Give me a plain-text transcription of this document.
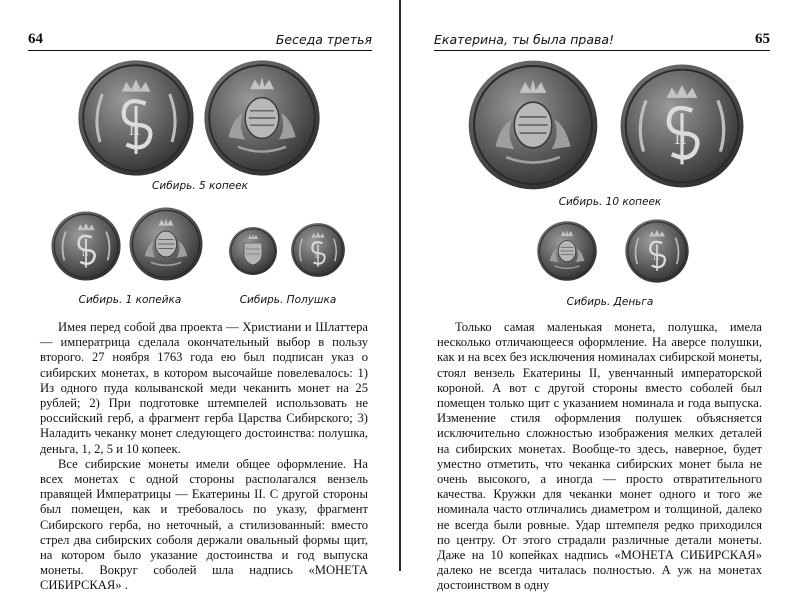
64	Беседа третья
Сибирь. 5 копеек
Сибирь. 1 копейка	Сибирь. Полушка

Имея перед собой два проекта — Христиани и Шлаттера — императрица сделала окончательный выбор в пользу второго. 27 ноября 1763 года ею был подписан указ о сибирских монетах, в котором высочайше повелевалось: 1) Из одного пуда колыванской меди чеканить монет на 25 рублей; 2) При подготовке штемпелей использовать не российский герб, а фрагмент герба Царства Сибирского; 3) Наладить чеканку монет следующего достоинства: полушка, деньга, 1, 2, 5 и 10 копеек.

Все сибирские монеты имели общее оформление. На всех монетах с одной стороны располагался вензель правящей Императрицы — Екатерины II. С другой стороны был помещен, как и требовалось по указу, фрагмент Сибирского герба, но неточный, а стилизованный: вместо стрел два сибирских соболя держали овальный формы щит, на котором было указание достоинства и год выпуска монеты. Вокруг соболей шла надпись «МОНЕТА СИБИРСКАЯ» .

Екатерина, ты была права!	65
Сибирь. 10 копеек
Сибирь. Деньга

Только самая маленькая монета, полушка, имела несколько отличающееся оформление. На аверсе полушки, как и на всех без исключения номиналах сибирской монеты, стоял вензель Екатерины II, увенчанный императорской короной. А вот с другой стороны вместо соболей был помещен только щит с указанием номинала и года выпуска. Изменение стиля оформления полушек объясняется исключительно сложностью изображения мелких деталей на сибирских монетах. Вообще-то здесь, наверное, будет уместно отметить, что чеканка сибирских монет была не очень высокого, а иногда — просто отвратительного качества. Кружки для чеканки монет одного и того же номинала часто отличались диаметром и толщиной, далеко не всегда были ровные. Удар штемпеля редко приходился по центру. От этого страдали различные детали монеты. Даже на 10 копейках надпись «МОНЕТА СИБИРСКАЯ» далеко не всегда читалась полностью. А уж на монетах достоинством в одну
